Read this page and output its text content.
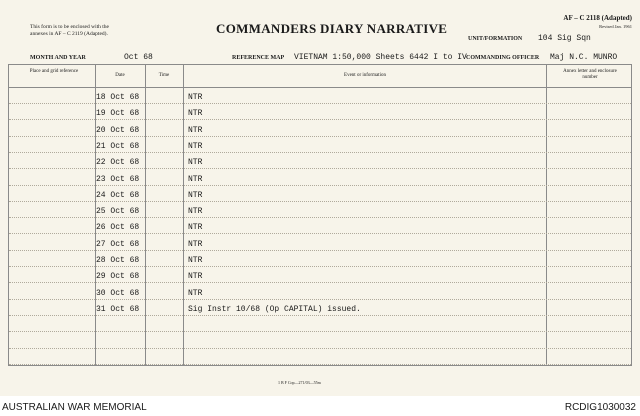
This form is to be enclosed with the
annexes in AF – C 2119 (Adapted).	COMMANDERS DIARY NARRATIVE
AF – C 2118 (Adapted)
Revised Jan. 1961
UNIT/FORMATION 104 Sig Sqn
MONTH AND YEAR	Oct 68	REFERENCE MAP VIETNAM 1:50,000 Sheets 6442 I to IV COMMANDING OFFICER Maj N.C. MUNRO
Place and grid reference
Date	Time	Event or information
Annex letter and enclosure number
18 Oct 68	NTR
19 Oct 68	NTR
20 Oct 68	NTR
21 Oct 68	NTR
22 Oct 68	NTR
23 Oct 68	NTR
24 Oct 68	NTR
25 Oct 68	NTR
26 Oct 68	NTR
27 Oct 68	NTR
28 Oct 68	NTR
29 Oct 68	NTR
30 Oct 68	NTR
31 Oct 68	Sig Instr 10/68 (Op CAPITAL) issued.
1 B F Cop—271/03—55m
AUSTRALIAN WAR MEMORIAL	RCDIG1030032
